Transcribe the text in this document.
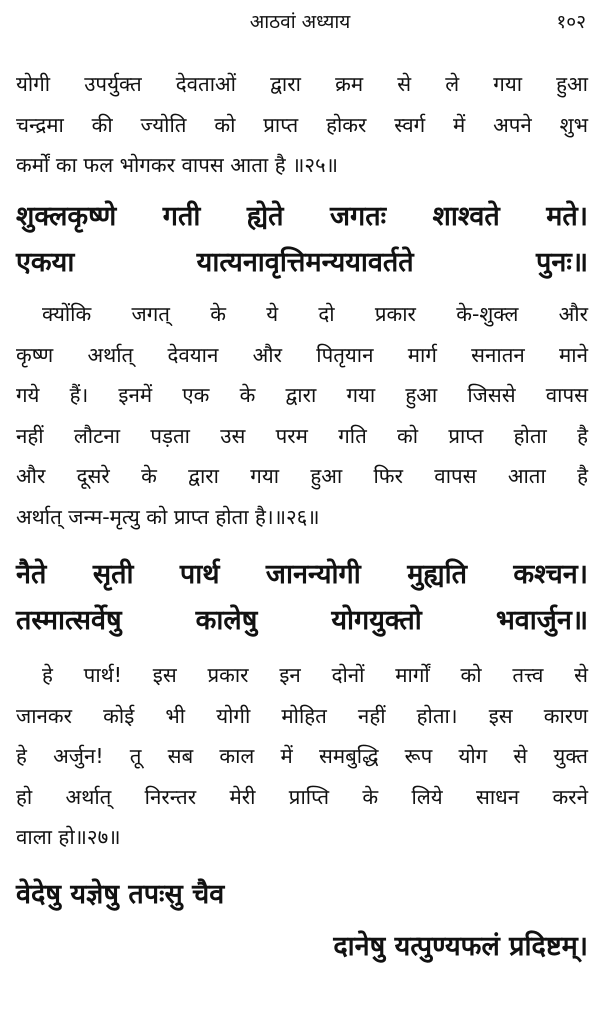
आठवां अध्याय	१०२
योगी उपर्युक्त देवताओं द्वारा क्रम से ले गया हुआ
चन्द्रमा की ज्योति को प्राप्त होकर स्वर्ग में अपने शुभ
कर्मों का फल भोगकर वापस आता है ॥२५॥
शुक्लकृष्णे गती ह्येते जगतः शाश्वते मते।
एकया यात्यनावृत्तिमन्ययावर्तते पुनः॥
क्योंकि जगत् के ये दो प्रकार के-शुक्ल और
कृष्ण अर्थात् देवयान और पितृयान मार्ग सनातन माने
गये हैं। इनमें एक के द्वारा गया हुआ जिससे वापस
नहीं लौटना पड़ता उस परम गति को प्राप्त होता है
और दूसरे के द्वारा गया हुआ फिर वापस आता है
अर्थात् जन्म-मृत्यु को प्राप्त होता है।॥२६॥
नैते सृती पार्थ जानन्योगी मुह्यति कश्चन।
तस्मात्सर्वेषु कालेषु योगयुक्तो भवार्जुन॥
हे पार्थ! इस प्रकार इन दोनों मार्गों को तत्त्व से
जानकर कोई भी योगी मोहित नहीं होता। इस कारण
हे अर्जुन! तू सब काल में समबुद्धि रूप योग से युक्त
हो अर्थात् निरन्तर मेरी प्राप्ति के लिये साधन करने
वाला हो॥२७॥
वेदेषु यज्ञेषु तपःसु चैव
दानेषु यत्पुण्यफलं प्रदिष्टम्।
